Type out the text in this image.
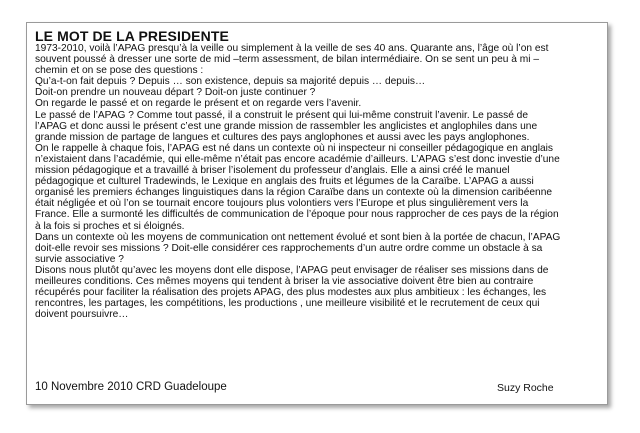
LE MOT DE LA PRESIDENTE
1973-2010, voilà l’APAG presqu’à la veille ou simplement à la veille de ses 40 ans. Quarante ans, l’âge où l’on est
souvent poussé à dresser une sorte de mid –term assessment, de bilan intermédiaire. On se sent un peu à mi –
chemin et on se pose des questions :
Qu’a-t-on fait depuis ? Depuis … son existence, depuis sa majorité depuis … depuis…
Doit-on prendre un nouveau départ ? Doit-on juste continuer ?
On regarde le passé et on regarde le présent et on regarde vers l’avenir.
Le passé de l’APAG ? Comme tout passé, il a construit le présent qui lui-même construit l’avenir. Le passé de
l’APAG et donc aussi le présent c’est une grande mission de rassembler les anglicistes et anglophiles dans une
grande mission de partage de langues et cultures des pays anglophones et aussi avec les pays anglophones.
On le rappelle à chaque fois, l’APAG est né dans un contexte où ni inspecteur ni conseiller pédagogique en anglais
n’existaient dans l’académie, qui elle-même n’était pas encore académie d’ailleurs. L’APAG s’est donc investie d’une
mission pédagogique et a travaillé à briser l’isolement du professeur d’anglais. Elle a ainsi créé le manuel
pédagogique et culturel Tradewinds, le Lexique en anglais des fruits et légumes de la Caraïbe. L’APAG a aussi
organisé les premiers échanges linguistiques dans la région Caraïbe dans un contexte où la dimension caribéenne
était négligée et où l’on se tournait encore toujours plus volontiers vers l’Europe et plus singulièrement vers la
France. Elle a surmonté les difficultés de communication de l’époque pour nous rapprocher de ces pays de la région
à la fois si proches et si éloignés.
Dans un contexte où les moyens de communication ont nettement évolué et sont bien à la portée de chacun, l’APAG
doit-elle revoir ses missions ? Doit-elle considérer ces rapprochements d’un autre ordre comme un obstacle à sa
survie associative ?
Disons nous plutôt qu’avec les moyens dont elle dispose, l’APAG peut envisager de réaliser ses missions dans de
meilleures conditions. Ces mêmes moyens qui tendent à briser la vie associative doivent être bien au contraire
récupérés pour faciliter la réalisation des projets APAG, des plus modestes aux plus ambitieux : les échanges, les
rencontres, les partages, les compétitions, les productions , une meilleure visibilité et le recrutement de ceux qui
doivent poursuivre…
10 Novembre 2010 CRD Guadeloupe	Suzy Roche
